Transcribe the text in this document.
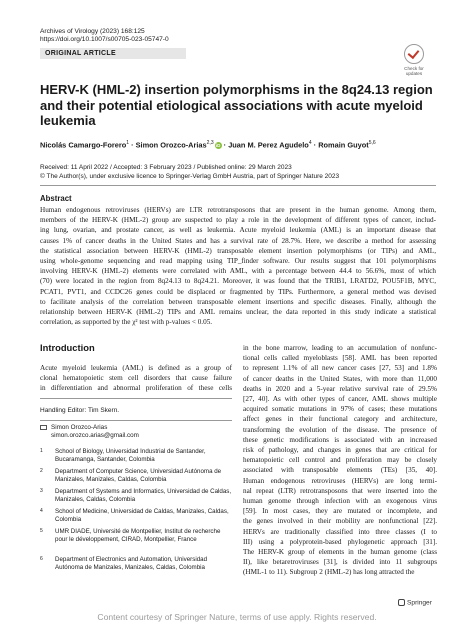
Archives of Virology (2023) 168:125
https://doi.org/10.1007/s00705-023-05747-0
ORIGINAL ARTICLE
Check for updates
HERV-K (HML-2) insertion polymorphisms in the 8q24.13 region and their potential etiological associations with acute myeloid leukemia
Nicolás Camargo-Forero$^1$ · Simon Orozco-Arias$^{2,3}$ iD · Juan M. Perez Agudelo$^4$ · Romain Guyot$^{5,6}$
Received: 11 April 2022 / Accepted: 3 February 2023 / Published online: 29 March 2023
© The Author(s), under exclusive licence to Springer-Verlag GmbH Austria, part of Springer Nature 2023
Abstract
Human endogenous retroviruses (HERVs) are LTR retrotransposons that are present in the human genome. Among them,
members of the HERV-K (HML-2) group are suspected to play a role in the development of different types of cancer, includ-
ing lung, ovarian, and prostate cancer, as well as leukemia. Acute myeloid leukemia (AML) is an important disease that
causes 1% of cancer deaths in the United States and has a survival rate of 28.7%. Here, we describe a method for assessing
the statistical association between HERV-K (HML-2) transposable element insertion polymorphisms (or TIPs) and AML,
using whole-genome sequencing and read mapping using TIP_finder software. Our results suggest that 101 polymorphisms
involving HERV-K (HML-2) elements were correlated with AML, with a percentage between 44.4 to 56.6%, most of which
(70) were located in the region from 8q24.13 to 8q24.21. Moreover, it was found that the TRIB1, LRATD2, POU5F1B, MYC,
PCAT1, PVT1, and CCDC26 genes could be displaced or fragmented by TIPs. Furthermore, a general method was devised
to facilitate analysis of the correlation between transposable element insertions and specific diseases. Finally, although the
relationship between HERV-K (HML-2) TIPs and AML remains unclear, the data reported in this study indicate a statistical
correlation, as supported by the χ² test with p-values < 0.05.
Introduction
Acute myeloid leukemia (AML) is defined as a group of
clonal hematopoietic stem cell disorders that cause failure
in differentiation and abnormal proliferation of these cells
Handling Editor: Tim Skern.
Simon Orozco-Arias
simon.orozco.arias@gmail.com
1 School of Biology, Universidad Industrial de Santander, Bucaramanga, Santander, Colombia
2 Department of Computer Science, Universidad Autónoma de Manizales, Manizales, Caldas, Colombia
3 Department of Systems and Informatics, Universidad de Caldas, Manizales, Caldas, Colombia
4 School of Medicine, Universidad de Caldas, Manizales, Caldas, Colombia
5 UMR DIADE, Université de Montpellier, Institut de recherche pour le développement, CIRAD, Montpellier, France
6 Department of Electronics and Automation, Universidad Autónoma de Manizales, Manizales, Caldas, Colombia
in the bone marrow, leading to an accumulation of nonfunc-
tional cells called myeloblasts [58]. AML has been reported
to represent 1.1% of all new cancer cases [27, 53] and 1.8%
of cancer deaths in the United States, with more than 11,000
deaths in 2020 and a 5-year relative survival rate of 29.5%
[27, 40]. As with other types of cancer, AML shows multiple
acquired somatic mutations in 97% of cases; these mutations
affect genes in their functional category and architecture,
transforming the evolution of the disease. The presence of
these genetic modifications is associated with an increased
risk of pathology, and changes in genes that are critical for
hematopoietic cell control and proliferation may be closely
associated with transposable elements (TEs) [35, 40].
Human endogenous retroviruses (HERVs) are long termi-
nal repeat (LTR) retrotransposons that were inserted into the
human genome through infection with an exogenous virus
[59]. In most cases, they are mutated or incomplete, and
the genes involved in their mobility are nonfunctional [22].
HERVs are traditionally classified into three classes (I to
III) using a polyprotein-based phylogenetic approach [31].
The HERV-K group of elements in the human genome (class
II), like betaretroviruses [31], is divided into 11 subgroups
(HML-1 to 11). Subgroup 2 (HML-2) has long attracted the
Springer
Content courtesy of Springer Nature, terms of use apply. Rights reserved.
